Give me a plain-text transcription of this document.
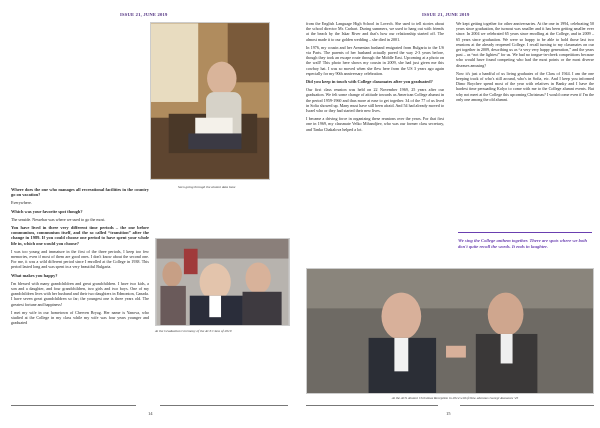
ISSUE 21, JUNE 2019
Seen going through the alumni data base
At the Graduation Ceremony of the ACS Class of 2019

Where does the one who manages all recreational facilities in the country go on vacation?

Everywhere.

Which was your favorite spot though?

The seaside. Nessebar was where we used to go the most.

You have lived in three very different time periods – the one before communism, communism itself, and the so called “transition” after the change in 1989. If you could choose one period to have spent your whole life in, which one would you choose?

I was too young and immature in the first of the three periods, I keep too few memories, even if most of them are good ones. I don't know about the second one. For me, it was a wild different period since I enrolled at the College in 1938. This period lasted long and was spent in a very beautiful Bulgaria.

What makes you happy?

I'm blessed with many grandchildren and great grandchildren. I have two kids, a son and a daughter, and four grandchildren, two girls and two boys. One of my grandchildren lives with her husband and their two daughters in Edmonton, Canada. I have seven great grandchildren so far; the youngest one is three years old. The greatest fortune and happiness!

I met my wife in our hometown of Cherven Bryag. Her name is Yanova, who studied at the College in my class while my wife was four years younger and graduated

14
ISSUE 21, JUNE 2019

from the English Language High School in Lovech. She used to tell stories about the school director Mr. Carhart. During summers, we used to hang out with friends at the beach by the Iskar River and that's how our relationship started off. The almost made it to our golden wedding – she died in 2001.

In 1976, my cousin and her Armenian husband emigrated from Bulgaria to the US via Paris. The parents of her husband actually paved the way 2-3 years before, though they took an escape route through the Middle East. Upcoming at a photo on the wall! This photo here shows my cousin in 2009, she had just given me this cowboy hat. I was so moved when she flew here from the US 3 years ago again especially for my 90th anniversary celebration.

Did you keep in touch with College classmates after you graduated?

Our first class reunion was held on 22 November 1969, 25 years after our graduation. We felt some change of attitude towards us American College alumni in the period 1959-1960 and thus more at ease to get together. 34 of the 77 of us lived in Sofia showed up. Many must have still been afraid. And 54 had already moved to Israel who or they had started their new lives.

I became a driving force in organizing these reunions over the years. For that first one in 1969, my classmate Velko Mihandjiev, who was our former class secretary, and Tanka Chakalova helped a lot.

We kept getting together for other anniversaries. At the one in 1994, celebrating 50 years since graduation, the turnout was smaller and it has been getting smaller ever since. In 2004 we celebrated 65 years since enrolling at the College, and in 2009 – 65 years since graduation. We were so happy to be able to hold those last two reunions at the already reopened College. I recall turning to my classmates on our get together in 2009, describing us as “a very very happy generation,” and the years past – as “not the lightest” for us. We had no tongue-in-cheek competitions because who would have found competing who had the most points or the most diverse diseases amusing?

Now it's just a handful of us living graduates of the Class of 1944. I am the one keeping track of who's still around, who's in Sofia, etc. And I keep you informed Dimo Boychev spend most of the year with relatives in Banky and I have the hardest time persuading Kolyo to come with me to the College alumni events. But why not meet at the College this upcoming Christmas? I would come even if I'm the only one among the old alumni.

We sing the College anthem together. There are spots where we both don't quite recall the words. It ends in laughter.
At the ACS Alumni Christmas Reception in 2014 with fellow alumnus Georgi Atanasov '45
15
